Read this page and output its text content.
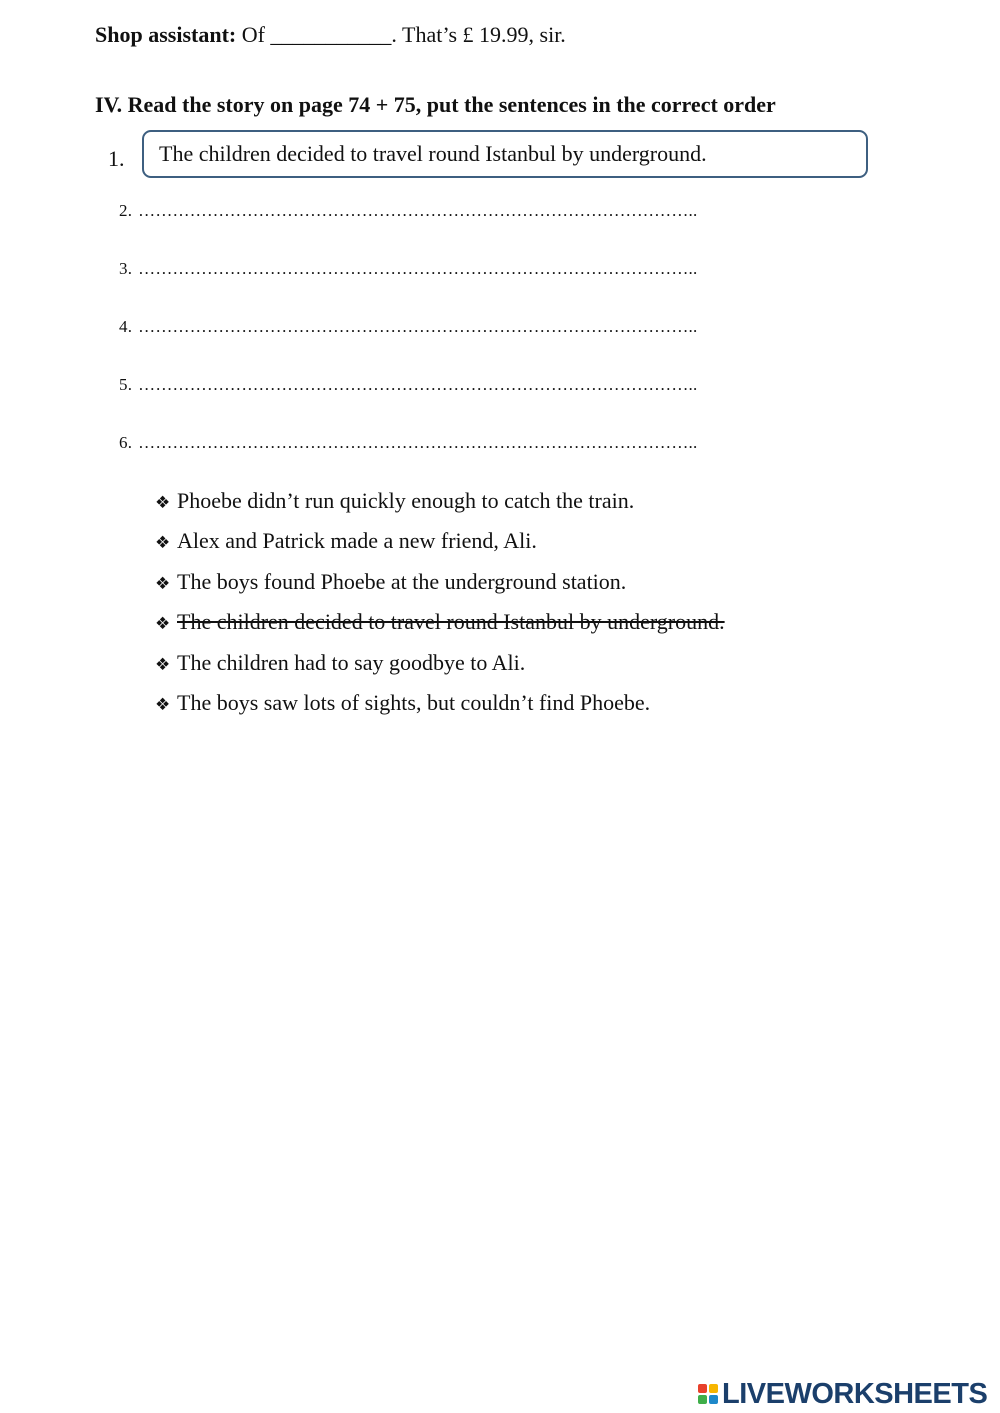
Shop assistant: Of ___________. That’s £ 19.99, sir.
IV. Read the story on page 74 + 75, put the sentences in the correct order
1.
The children decided to travel round Istanbul by underground.
2. ……………………………………………………………………………………..
3. ……………………………………………………………………………………..
4. ……………………………………………………………………………………..
5. ……………………………………………………………………………………..
6. ……………………………………………………………………………………..
❖ Phoebe didn’t run quickly enough to catch the train.
❖ Alex and Patrick made a new friend, Ali.
❖ The boys found Phoebe at the underground station.
❖ The children decided to travel round Istanbul by underground.
❖ The children had to say goodbye to Ali.
❖ The boys saw lots of sights, but couldn’t find Phoebe.
LIVEWORKSHEETS
